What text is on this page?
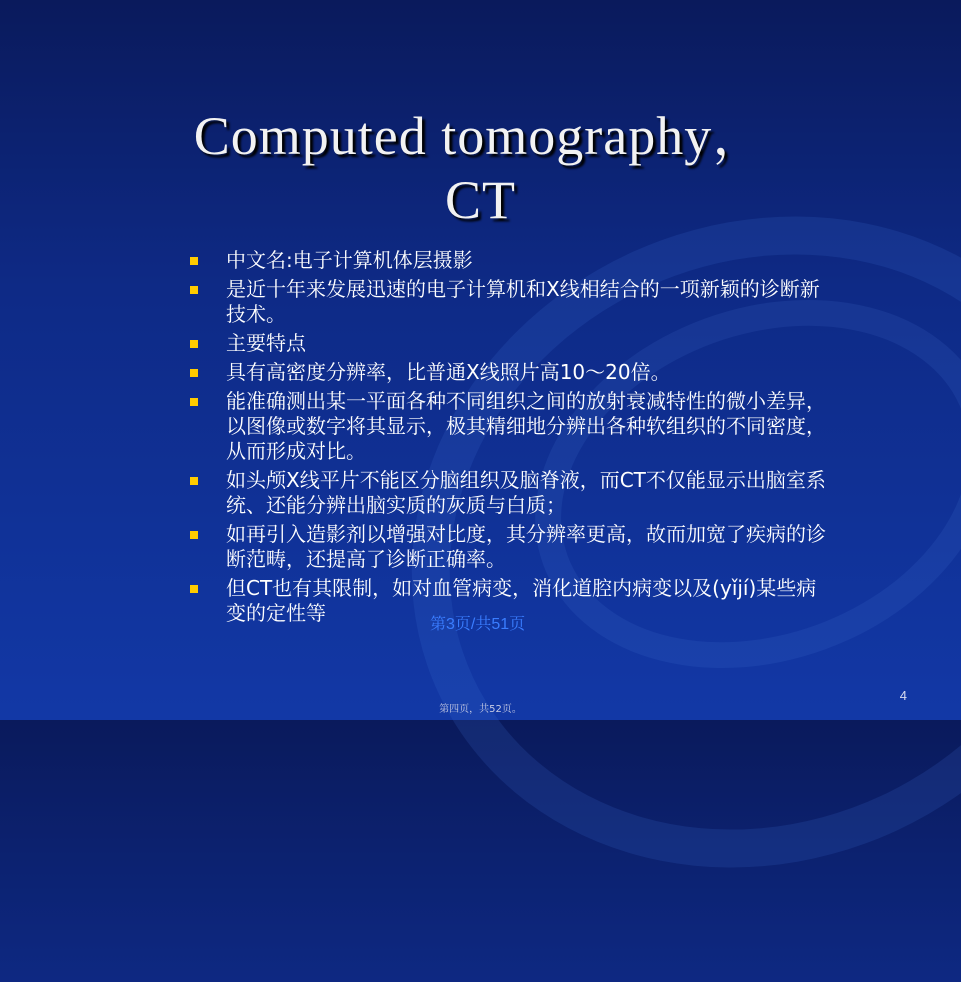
Computed tomography，
CT
中文名:电子计算机体层摄影
是近十年来发展迅速的电子计算机和X线相结合的一项新颖的诊断新技术。
主要特点
具有高密度分辨率，比普通X线照片高10～20倍。
能准确测出某一平面各种不同组织之间的放射衰减特性的微小差异，以图像或数字将其显示，极其精细地分辨出各种软组织的不同密度，从而形成对比。
如头颅X线平片不能区分脑组织及脑脊液，而CT不仅能显示出脑室系统、还能分辨出脑实质的灰质与白质；
如再引入造影剂以增强对比度，其分辨率更高，故而加宽了疾病的诊断范畴，还提高了诊断正确率。
但CT也有其限制，如对血管病变，消化道腔内病变以及(yǐjí)某些病变的定性等	第3页/共51页
4
第四页，共52页。
